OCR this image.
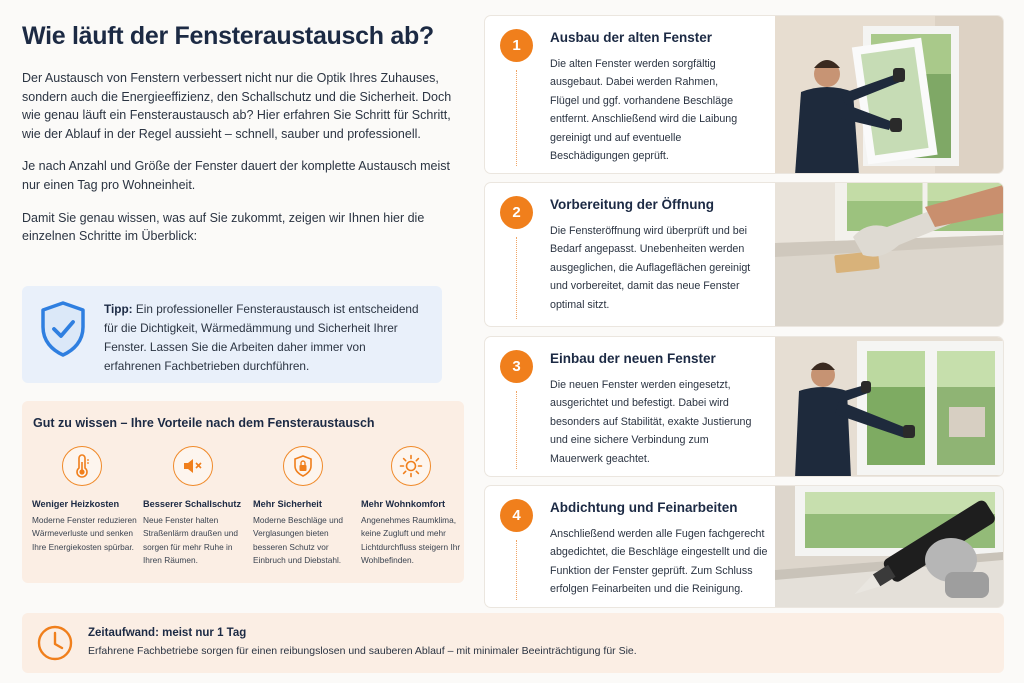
Wie läuft der Fensteraustausch ab?

Der Austausch von Fenstern verbessert nicht nur die Optik Ihres Zuhauses, sondern auch die Energieeffizienz, den Schallschutz und die Sicherheit. Doch wie genau läuft ein Fensteraustausch ab? Hier erfahren Sie Schritt für Schritt, wie der Ablauf in der Regel aussieht – schnell, sauber und professionell.

Je nach Anzahl und Größe der Fenster dauert der komplette Austausch meist nur einen Tag pro Wohneinheit.

Damit Sie genau wissen, was auf Sie zukommt, zeigen wir Ihnen hier die einzelnen Schritte im Überblick:

Tipp: Ein professioneller Fensteraustausch ist entscheidend für die Dichtigkeit, Wärmedämmung und Sicherheit Ihrer Fenster. Lassen Sie die Arbeiten daher immer von erfahrenen Fachbetrieben durchführen.

Gut zu wissen – Ihre Vorteile nach dem Fensteraustausch
Weniger Heizkosten
Moderne Fenster reduzieren Wärmeverluste und senken Ihre Energiekosten spürbar.
Besserer Schallschutz
Neue Fenster halten Straßenlärm draußen und sorgen für mehr Ruhe in Ihren Räumen.
Mehr Sicherheit
Moderne Beschläge und Verglasungen bieten besseren Schutz vor Einbruch und Diebstahl.
Mehr Wohnkomfort
Angenehmes Raumklima, keine Zugluft und mehr Lichtdurchfluss steigern Ihr Wohlbefinden.
1	Ausbau der alten Fenster
Die alten Fenster werden sorgfältig ausgebaut. Dabei werden Rahmen, Flügel und ggf. vorhandene Beschläge entfernt. Anschließend wird die Laibung gereinigt und auf eventuelle Beschädigungen geprüft.
2	Vorbereitung der Öffnung
Die Fensteröffnung wird überprüft und bei Bedarf angepasst. Unebenheiten werden ausgeglichen, die Auflageflächen gereinigt und vorbereitet, damit das neue Fenster optimal sitzt.
3	Einbau der neuen Fenster
Die neuen Fenster werden eingesetzt, ausgerichtet und befestigt. Dabei wird besonders auf Stabilität, exakte Justierung und eine sichere Verbindung zum Mauerwerk geachtet.
4	Abdichtung und Feinarbeiten
Anschließend werden alle Fugen fachgerecht abgedichtet, die Beschläge eingestellt und die Funktion der Fenster geprüft. Zum Schluss erfolgen Feinarbeiten und die Reinigung.
Zeitaufwand: meist nur 1 Tag
Erfahrene Fachbetriebe sorgen für einen reibungslosen und sauberen Ablauf – mit minimaler Beeinträchtigung für Sie.
